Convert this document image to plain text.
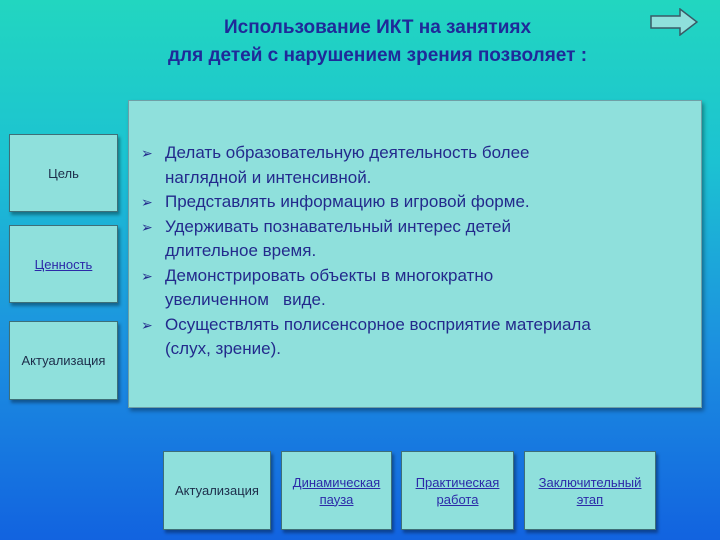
Использование ИКТ на занятиях
для детей с нарушением зрения позволяет :
Цель
Ценность
Актуализация
➢ Делать образовательную деятельность более
наглядной и интенсивной.
➢ Представлять информацию в игровой форме.
➢ Удерживать познавательный интерес детей
длительное время.
➢ Демонстрировать объекты в многократно
увеличенном   виде.
➢ Осуществлять полисенсорное восприятие материала
(слух, зрение).
Актуализация
Динамическая
пауза
Практическая
работа
Заключительный
этап
